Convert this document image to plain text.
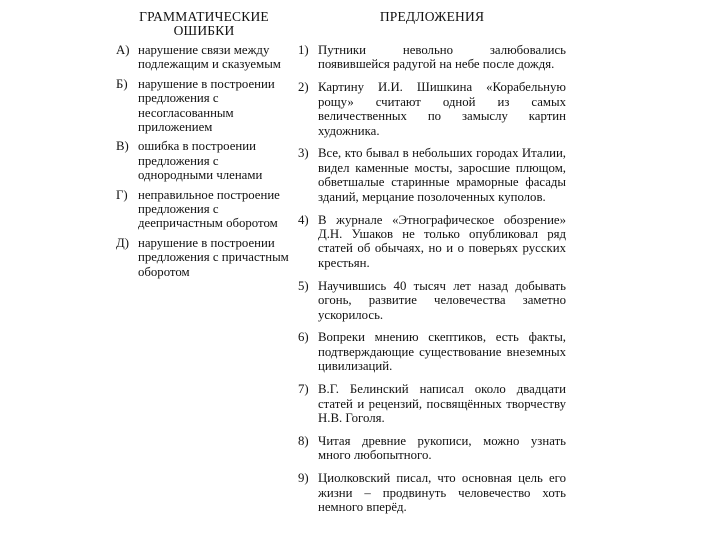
ГРАММАТИЧЕСКИЕ
ОШИБКИ
ПРЕДЛОЖЕНИЯ
А) нарушение связи между подлежащим и сказуемым
Б) нарушение в построении предложения с несогласованным приложением
В) ошибка в построении предложения с однородными членами
Г) неправильное построение предложения с деепричастным оборотом
Д) нарушение в построении предложения с причастным оборотом
1) Путники невольно залюбовались появившейся радугой на небе после дождя.
2) Картину И.И. Шишкина «Корабельную рощу» считают одной из самых величественных по замыслу картин художника.
3) Все, кто бывал в небольших городах Италии, видел каменные мосты, заросшие плющом, обветшалые старинные мраморные фасады зданий, мерцание позолоченных куполов.
4) В журнале «Этнографическое обозрение» Д.Н. Ушаков не только опубликовал ряд статей об обычаях, но и о поверьях русских крестьян.
5) Научившись 40 тысяч лет назад добывать огонь, развитие человечества заметно ускорилось.
6) Вопреки мнению скептиков, есть факты, подтверждающие существование внеземных цивилизаций.
7) В.Г. Белинский написал около двадцати статей и рецензий, посвящённых творчеству Н.В. Гоголя.
8) Читая древние рукописи, можно узнать много любопытного.
9) Циолковский писал, что основная цель его жизни – продвинуть человечество хоть немного вперёд.
